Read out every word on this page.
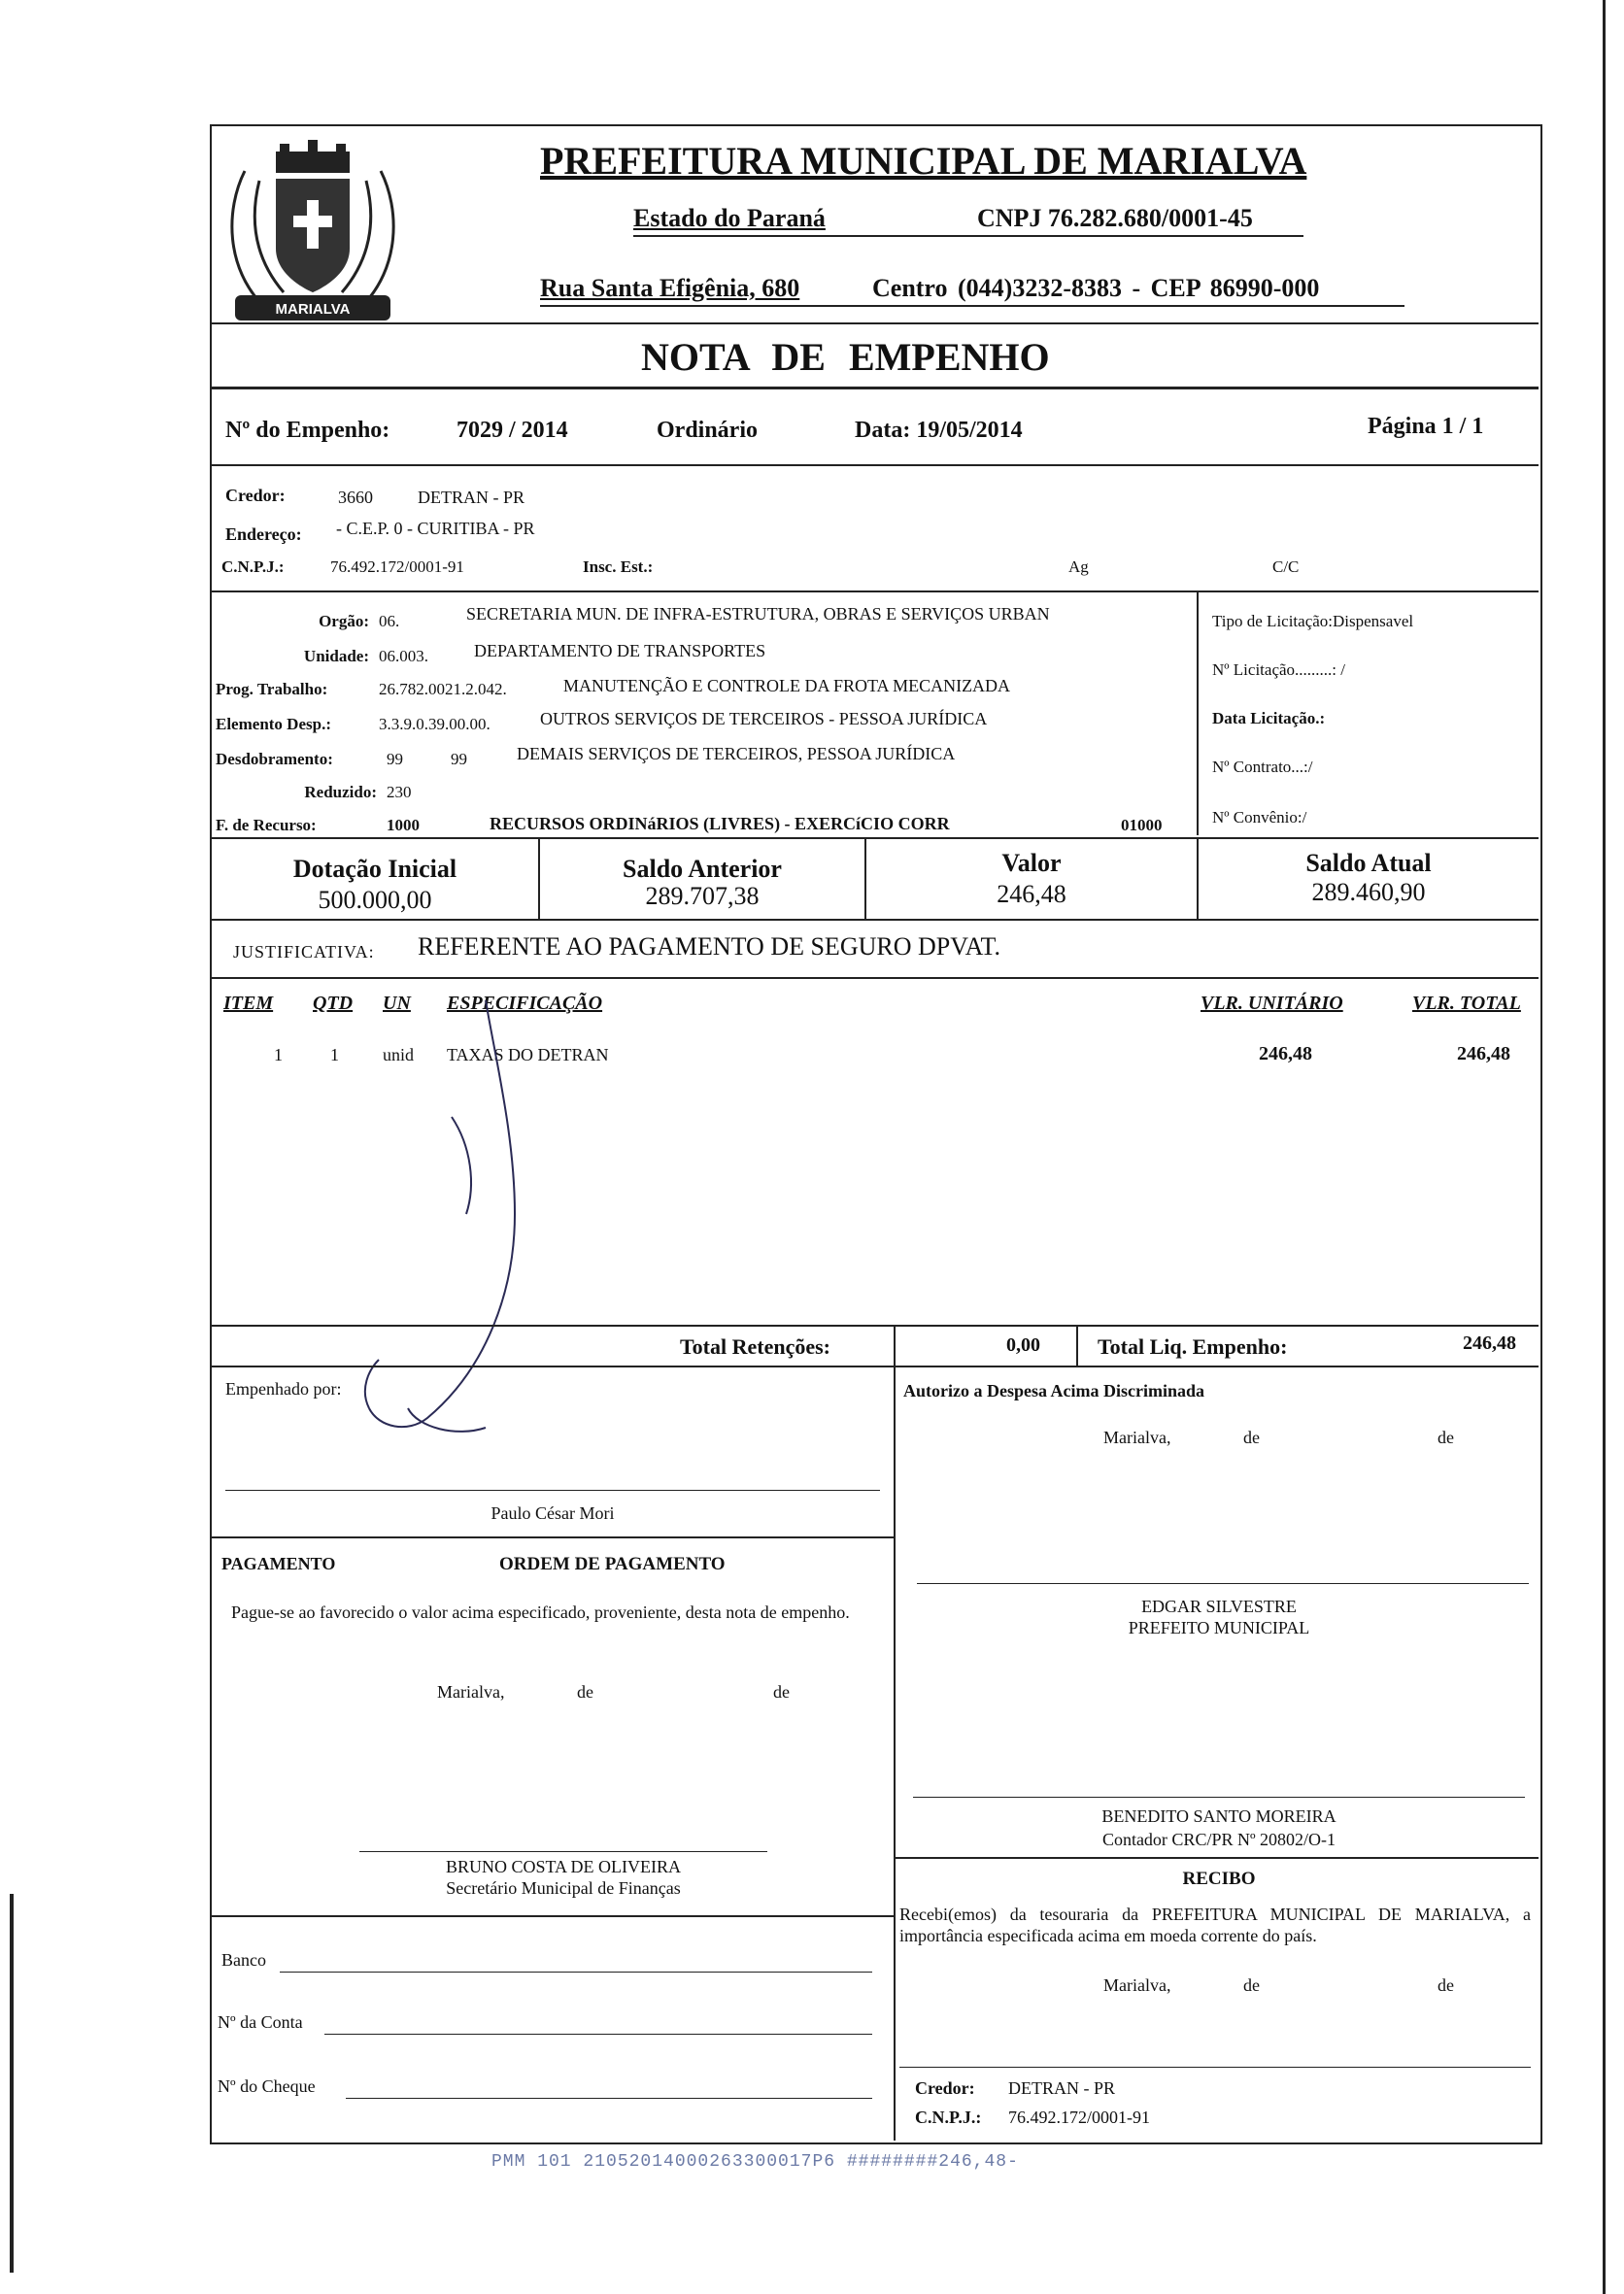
MARIALVA
PREFEITURA MUNICIPAL DE MARIALVA
Estado do Paraná	CNPJ 76.282.680/0001-45
Rua Santa Efigênia, 680	Centro (044)3232-8383 - CEP 86990-000
NOTA DE EMPENHO
Nº do Empenho:	7029 / 2014	Ordinário	Data: 19/05/2014	Página 1 / 1
Credor:	3660	DETRAN - PR
Endereço: - C.E.P. 0 - CURITIBA - PR
C.N.P.J.:	76.492.172/0001-91	Insc. Est.:	Ag	C/C
Orgão: 06.	SECRETARIA MUN. DE INFRA-ESTRUTURA, OBRAS E SERVIÇOS URBAN
Unidade: 06.003.	DEPARTAMENTO DE TRANSPORTES
Prog. Trabalho:	26.782.0021.2.042.	MANUTENÇÃO E CONTROLE DA FROTA MECANIZADA
Elemento Desp.:	3.3.9.0.39.00.00.	OUTROS SERVIÇOS DE TERCEIROS - PESSOA JURÍDICA
Desdobramento:	99	99	DEMAIS SERVIÇOS DE TERCEIROS, PESSOA JURÍDICA
Reduzido: 230
F. de Recurso:	1000	RECURSOS ORDINáRIOS (LIVRES) - EXERCíCIO CORR	01000
Tipo de Licitação:Dispensavel
Nº Licitação.........: /
Data Licitação.:
Nº Contrato...:/
Nº Convênio:/
Dotação Inicial
500.000,00
Saldo Anterior
289.707,38
Valor
246,48
Saldo Atual
289.460,90
JUSTIFICATIVA: REFERENTE AO PAGAMENTO DE SEGURO DPVAT.
ITEM QTD UN ESPECIFICAÇÃO	VLR. UNITÁRIO	VLR. TOTAL
1	1	unid TAXAS DO DETRAN	246,48	246,48
Total Retenções:	0,00	Total Liq. Empenho:	246,48
Empenhado por:
Paulo César Mori
PAGAMENTO	ORDEM DE PAGAMENTO
Pague-se ao favorecido o valor acima especificado, proveniente, desta nota de empenho.
Marialva,	de	de
BRUNO COSTA DE OLIVEIRA
Secretário Municipal de Finanças
Banco
Nº da Conta
Nº do Cheque
Autorizo a Despesa Acima Discriminada
Marialva,	de	de
EDGAR SILVESTRE
PREFEITO MUNICIPAL
BENEDITO SANTO MOREIRA
Contador CRC/PR Nº 20802/O-1
RECIBO
Recebi(emos) da tesouraria da PREFEITURA MUNICIPAL DE MARIALVA, a importância especificada acima em moeda corrente do país.
Marialva,	de	de
Credor: DETRAN - PR
C.N.P.J.: 76.492.172/0001-91
PMM 101 21052014000263300017P6 ########246,48-
